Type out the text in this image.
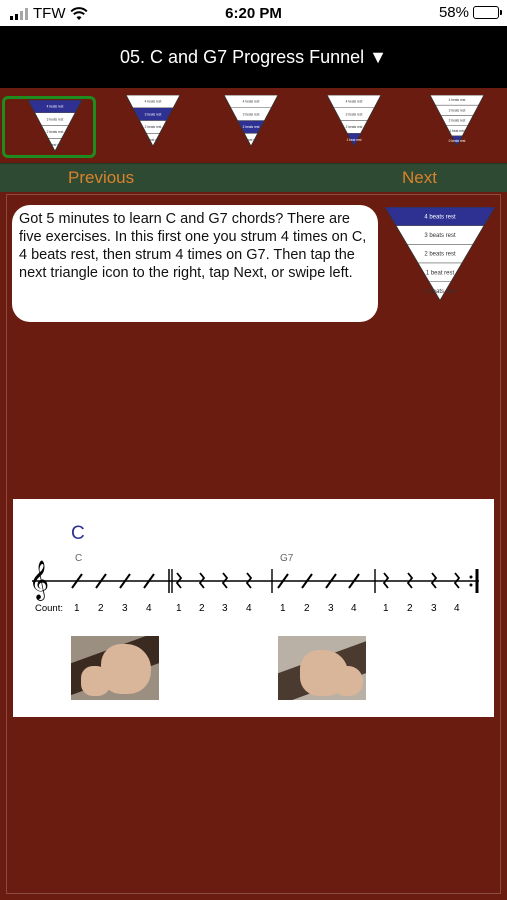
TFW	6:20 PM	58%
05. C and G7 Progress Funnel ▼
4 beats rest
3 beats rest
2 beats rest
1 beat rest
4 beats rest
3 beats rest
2 beats rest
1 beat rest
4 beats rest
3 beats rest
2 beats rest
1 beat rest
4 beats rest
3 beats rest
2 beats rest
1 beat rest
4 beats rest
3 beats rest
2 beats rest
1 beat rest
0 beats rest
Previous	Next
Got 5 minutes to learn C and G7 chords? There are five exercises. In this first one you strum 4 times on C, 4 beats rest, then strum 4 times on G7. Then tap the next triangle icon to the right, tap Next, or swipe left.
4 beats rest
3 beats rest
2 beats rest
1 beat rest
0 beats rest
C
C	G7
𝄞
1 2 3 4 1 2 3 4	1 2 3 4	1 2 3 4
Count:
